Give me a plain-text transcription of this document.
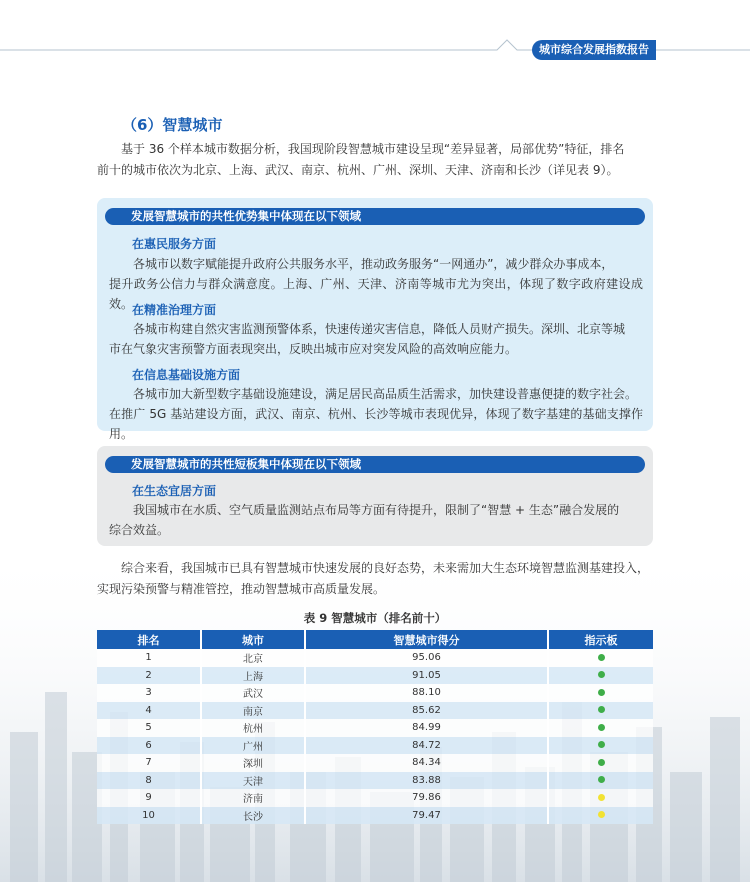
城市综合发展指数报告
（6）智慧城市
基于 36 个样本城市数据分析，我国现阶段智慧城市建设呈现“差异显著，局部优势”特征，排名
前十的城市依次为北京、上海、武汉、南京、杭州、广州、深圳、天津、济南和长沙（详见表 9）。
发展智慧城市的共性优势集中体现在以下领域
在惠民服务方面
各城市以数字赋能提升政府公共服务水平，推动政务服务“一网通办”，减少群众办事成本，
提升政务公信力与群众满意度。上海、广州、天津、济南等城市尤为突出，体现了数字政府建设成效。
在精准治理方面
各城市构建自然灾害监测预警体系，快速传递灾害信息，降低人员财产损失。深圳、北京等城
市在气象灾害预警方面表现突出，反映出城市应对突发风险的高效响应能力。
在信息基础设施方面
各城市加大新型数字基础设施建设，满足居民高品质生活需求，加快建设普惠便捷的数字社会。
在推广 5G 基站建设方面，武汉、南京、杭州、长沙等城市表现优异，体现了数字基建的基础支撑作用。
发展智慧城市的共性短板集中体现在以下领域
在生态宜居方面
我国城市在水质、空气质量监测站点布局等方面有待提升，限制了“智慧 + 生态”融合发展的
综合效益。
综合来看，我国城市已具有智慧城市快速发展的良好态势，未来需加大生态环境智慧监测基建投入，
实现污染预警与精准管控，推动智慧城市高质量发展。
表 9 智慧城市（排名前十）
排名	城市	智慧城市得分	指示板
1	北京	95.06	
2	上海	91.05	
3	武汉	88.10	
4	南京	85.62	
5	杭州	84.99	
6	广州	84.72	
7	深圳	84.34	
8	天津	83.88	
9	济南	79.86	
10	长沙	79.47	
